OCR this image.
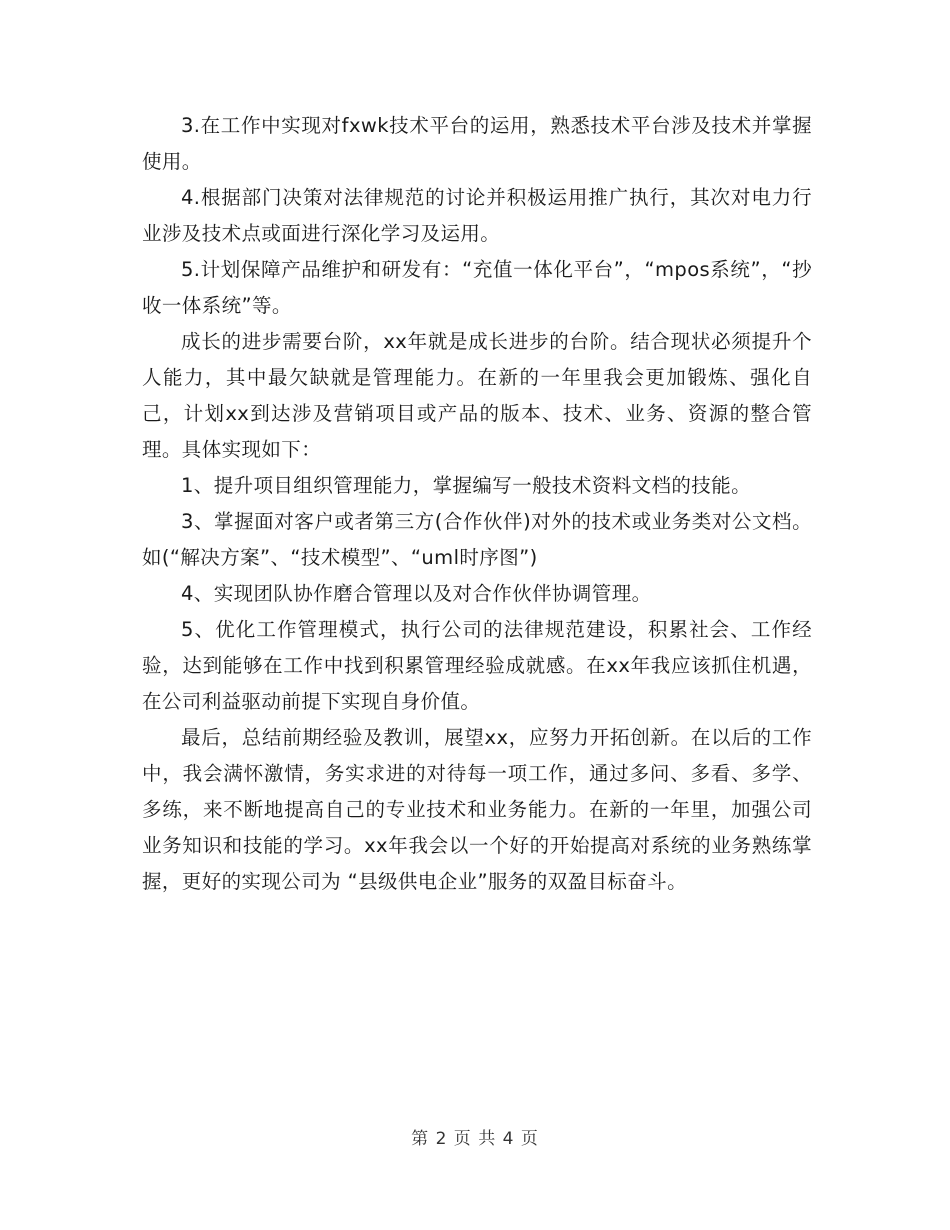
3.在工作中实现对fxwk技术平台的运用，熟悉技术平台涉及技术并掌握使用。

4.根据部门决策对法律规范的讨论并积极运用推广执行，其次对电力行业涉及技术点或面进行深化学习及运用。

5.计划保障产品维护和研发有：“充值一体化平台”，“mpos系统”，“抄收一体系统”等。

成长的进步需要台阶，xx年就是成长进步的台阶。结合现状必须提升个人能力，其中最欠缺就是管理能力。在新的一年里我会更加锻炼、强化自己，计划xx到达涉及营销项目或产品的版本、技术、业务、资源的整合管理。具体实现如下：

1、提升项目组织管理能力，掌握编写一般技术资料文档的技能。

3、掌握面对客户或者第三方(合作伙伴)对外的技术或业务类对公文档。如(“解决方案”、“技术模型”、“uml时序图”)

4、实现团队协作磨合管理以及对合作伙伴协调管理。

5、优化工作管理模式，执行公司的法律规范建设，积累社会、工作经验，达到能够在工作中找到积累管理经验成就感。在xx年我应该抓住机遇，在公司利益驱动前提下实现自身价值。

最后，总结前期经验及教训，展望xx，应努力开拓创新。在以后的工作中，我会满怀激情，务实求进的对待每一项工作，通过多问、多看、多学、多练，来不断地提高自己的专业技术和业务能力。在新的一年里，加强公司业务知识和技能的学习。xx年我会以一个好的开始提高对系统的业务熟练掌握，更好的实现公司为 “县级供电企业”服务的双盈目标奋斗。

第 2 页 共 4 页
